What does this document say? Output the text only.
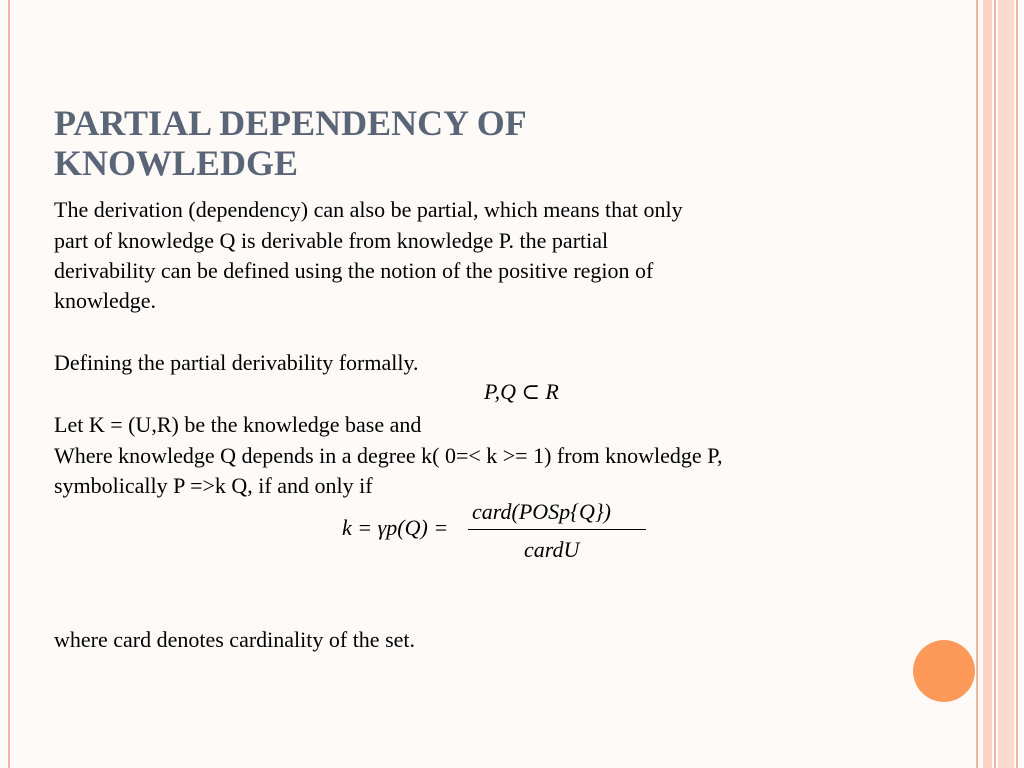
PARTIAL DEPENDENCY OF KNOWLEDGE

The derivation (dependency) can also be partial, which means that only

part of knowledge Q is derivable from knowledge P. the partial

derivability can be defined using the notion of the positive region of

knowledge.

Defining the partial derivability formally.

P,Q ⊂ R

Let K = (U,R) be the knowledge base and

Where knowledge Q depends in a degree k( 0=< k >= 1) from knowledge P,

symbolically P =>k Q, if and only if

k = γp(Q) =
card(POSp{Q})
cardU

where card denotes cardinality of the set.
